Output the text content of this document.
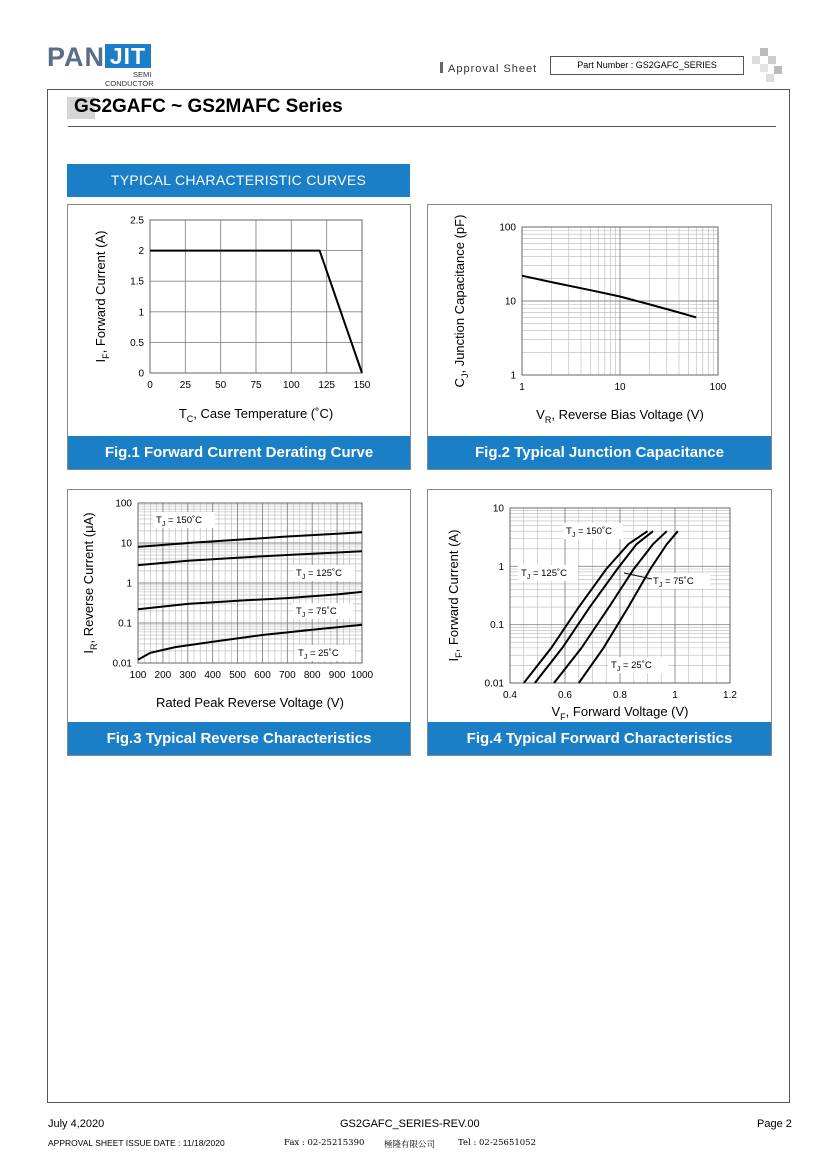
PAN JIT
SEMI
CONDUCTOR
Approval Sheet	Part Number : GS2GAFC_SERIES
GS2GAFC ~ GS2MAFC Series
TYPICAL CHARACTERISTIC CURVES
0
0.5
1
1.5
2
2.5
0	25 50 75 100 125 150
$T_C$, Case Temperature (˚C)
$I_F$, Forward Current (A)
Fig.1 Forward Current Derating Curve
1
10
100
1	10	100
$V_R$, Reverse Bias Voltage (V)
$C_J$, Junction Capacitance (pF)
Fig.2 Typical Junction Capacitance
0.01
0.1
1
10
100
100 200 300 400 500 600 700 800 900 1000
Rated Peak Reverse Voltage (V)
$I_R$, Reverse Current (μA)	$T_J$ = 150˚C
$T_J$ = 125˚C
$T_J$ = 75˚C
$T_J$ = 25˚C
Fig.3 Typical Reverse Characteristics
0.01
0.1
1
10
0.4	0.6	0.8	1	1.2
$V_F$, Forward Voltage (V)
$I_F$, Forward Current (A)	$T_J$ = 150˚C
$T_J$ = 125˚C
$T_J$ = 75˚C
$T_J$ = 25˚C
Fig.4 Typical Forward Characteristics
July 4,2020	GS2GAFC_SERIES-REV.00	Page 2
APPROVAL SHEET ISSUE DATE : 11/18/2020	Fax : 02-25215390 極隆有限公司	Tel : 02-25651052
